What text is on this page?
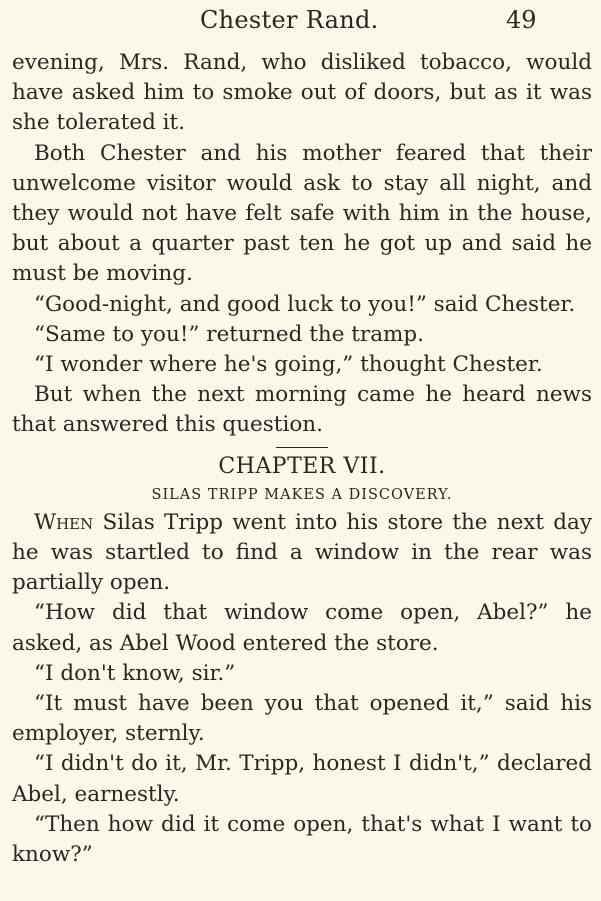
Chester Rand.	49

evening, Mrs. Rand, who disliked tobacco, would have asked him to smoke out of doors, but as it was she tolerated it.

Both Chester and his mother feared that their unwelcome visitor would ask to stay all night, and they would not have felt safe with him in the house, but about a quarter past ten he got up and said he must be moving.

“Good-night, and good luck to you!” said Chester.

“Same to you!” returned the tramp.

“I wonder where he's going,” thought Chester.

But when the next morning came he heard news that answered this question.

CHAPTER VII.

SILAS TRIPP MAKES A DISCOVERY.

When Silas Tripp went into his store the next day he was startled to find a window in the rear was partially open.

“How did that window come open, Abel?” he asked, as Abel Wood entered the store.

“I don't know, sir.”

“It must have been you that opened it,” said his employer, sternly.

“I didn't do it, Mr. Tripp, honest I didn't,” declared Abel, earnestly.

“Then how did it come open, that's what I want to know?”
